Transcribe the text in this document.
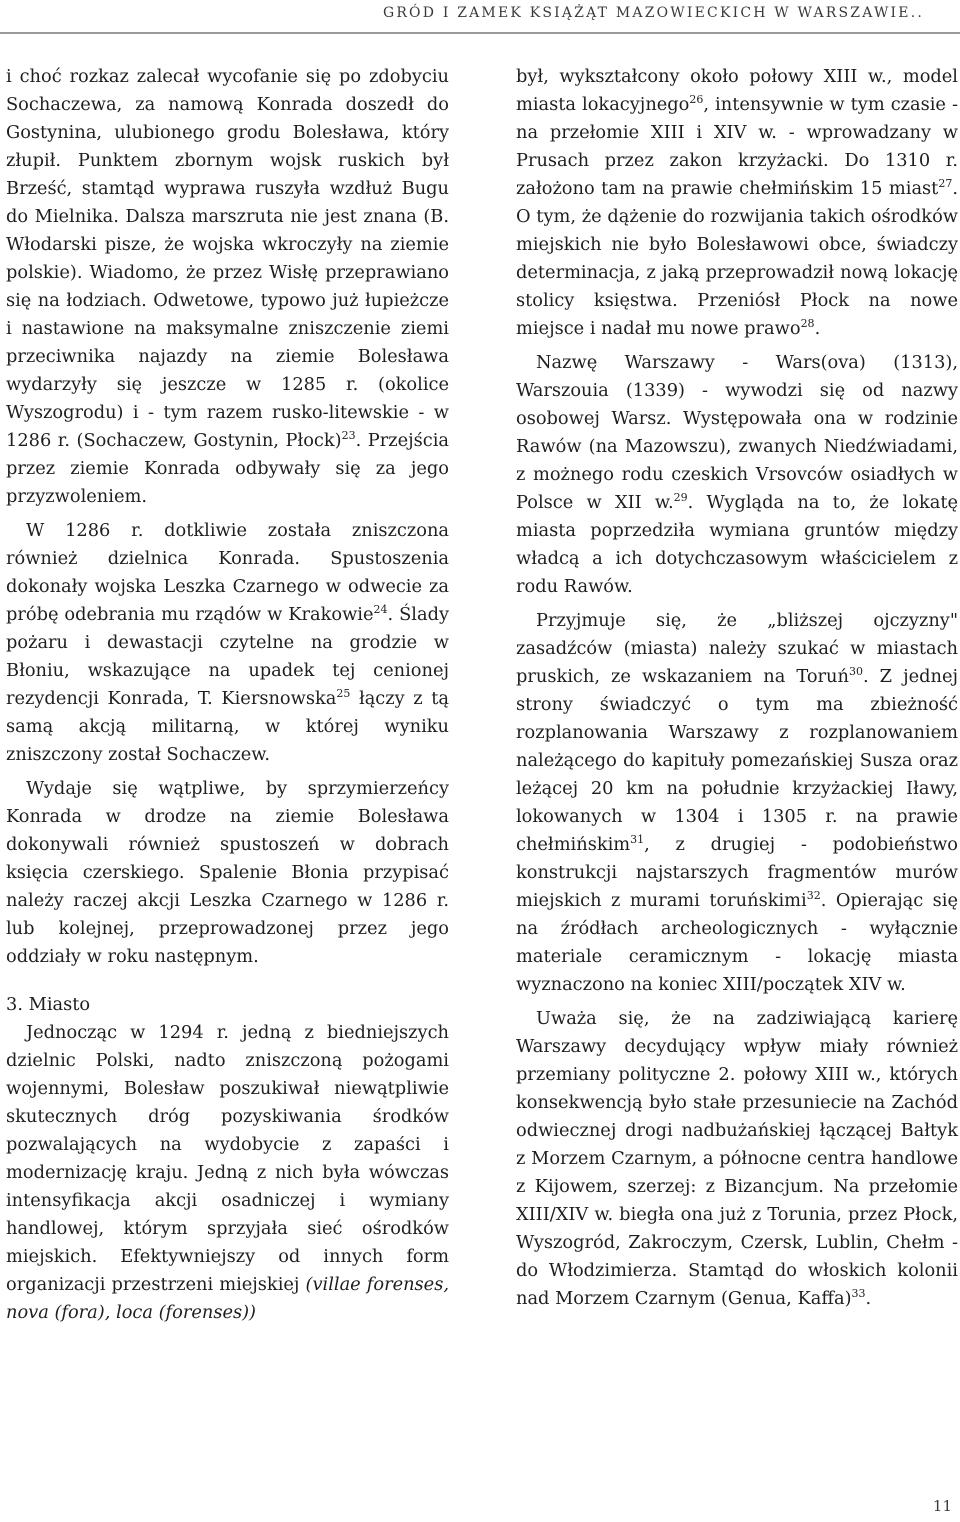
GRÓD I ZAMEK KSIĄŻĄT MAZOWIECKICH W WARSZAWIE..

i choć rozkaz zalecał wycofanie się po zdobyciu Sochaczewa, za namową Konrada doszedł do Gostynina, ulubionego grodu Bolesława, który złupił. Punktem zbornym wojsk ruskich był Brześć, stamtąd wyprawa ruszyła wzdłuż Bugu do Mielnika. Dalsza marszruta nie jest znana (B. Włodarski pisze, że wojska wkroczyły na ziemie polskie). Wiadomo, że przez Wisłę przeprawiano się na łodziach. Odwetowe, typowo już łupieżcze i nastawione na maksymalne zniszczenie ziemi przeciwnika najazdy na ziemie Bolesława wydarzyły się jeszcze w 1285 r. (okolice Wyszogrodu) i - tym razem rusko-litewskie - w 1286 r. (Sochaczew, Gostynin, Płock)$^{23}$. Przejścia przez ziemie Konrada odbywały się za jego przyzwoleniem.

W 1286 r. dotkliwie została zniszczona również dzielnica Konrada. Spustoszenia dokonały wojska Leszka Czarnego w odwecie za próbę odebrania mu rządów w Krakowie$^{24}$. Ślady pożaru i dewastacji czytelne na grodzie w Błoniu, wskazujące na upadek tej cenionej rezydencji Konrada, T. Kiersnowska$^{25}$ łączy z tą samą akcją militarną, w której wyniku zniszczony został Sochaczew.

Wydaje się wątpliwe, by sprzymierzeńcy Konrada w drodze na ziemie Bolesława dokonywali również spustoszeń w dobrach księcia czerskiego. Spalenie Błonia przypisać należy raczej akcji Leszka Czarnego w 1286 r. lub kolejnej, przeprowadzonej przez jego oddziały w roku następnym.

3. Miasto

Jednocząc w 1294 r. jedną z biedniejszych dzielnic Polski, nadto zniszczoną pożogami wojennymi, Bolesław poszukiwał niewątpliwie skutecznych dróg pozyskiwania środków pozwalających na wydobycie z zapaści i modernizację kraju. Jedną z nich była wówczas intensyfikacja akcji osadniczej i wymiany handlowej, którym sprzyjała sieć ośrodków miejskich. Efektywniejszy od innych form organizacji przestrzeni miejskiej (villae forenses, nova (fora), loca (forenses))

był, wykształcony około połowy XIII w., model miasta lokacyjnego$^{26}$, intensywnie w tym czasie - na przełomie XIII i XIV w. - wprowadzany w Prusach przez zakon krzyżacki. Do 1310 r. założono tam na prawie chełmińskim 15 miast$^{27}$. O tym, że dążenie do rozwijania takich ośrodków miejskich nie było Bolesławowi obce, świadczy determinacja, z jaką przeprowadził nową lokację stolicy księstwa. Przeniósł Płock na nowe miejsce i nadał mu nowe prawo$^{28}$.

Nazwę Warszawy - Wars(ova) (1313), Warszouia (1339) - wywodzi się od nazwy osobowej Warsz. Występowała ona w rodzinie Rawów (na Mazowszu), zwanych Niedźwiadami, z możnego rodu czeskich Vrsovców osiadłych w Polsce w XII w.$^{29}$. Wygląda na to, że lokatę miasta poprzedziła wymiana gruntów między władcą a ich dotychczasowym właścicielem z rodu Rawów.

Przyjmuje się, że „bliższej ojczyzny" zasadźców (miasta) należy szukać w miastach pruskich, ze wskazaniem na Toruń$^{30}$. Z jednej strony świadczyć o tym ma zbieżność rozplanowania Warszawy z rozplanowaniem należącego do kapituły pomezańskiej Susza oraz leżącej 20 km na południe krzyżackiej Iławy, lokowanych w 1304 i 1305 r. na prawie chełmińskim$^{31}$, z drugiej - podobieństwo konstrukcji najstarszych fragmentów murów miejskich z murami toruńskimi$^{32}$. Opierając się na źródłach archeologicznych - wyłącznie materiale ceramicznym - lokację miasta wyznaczono na koniec XIII/początek XIV w.

Uważa się, że na zadziwiającą karierę Warszawy decydujący wpływ miały również przemiany polityczne 2. połowy XIII w., których konsekwencją było stałe przesuniecie na Zachód odwiecznej drogi nadbużańskiej łączącej Bałtyk z Morzem Czarnym, a północne centra handlowe z Kijowem, szerzej: z Bizancjum. Na przełomie XIII/XIV w. biegła ona już z Torunia, przez Płock, Wyszogród, Zakroczym, Czersk, Lublin, Chełm - do Włodzimierza. Stamtąd do włoskich kolonii nad Morzem Czarnym (Genua, Kaffa)$^{33}$.

11
